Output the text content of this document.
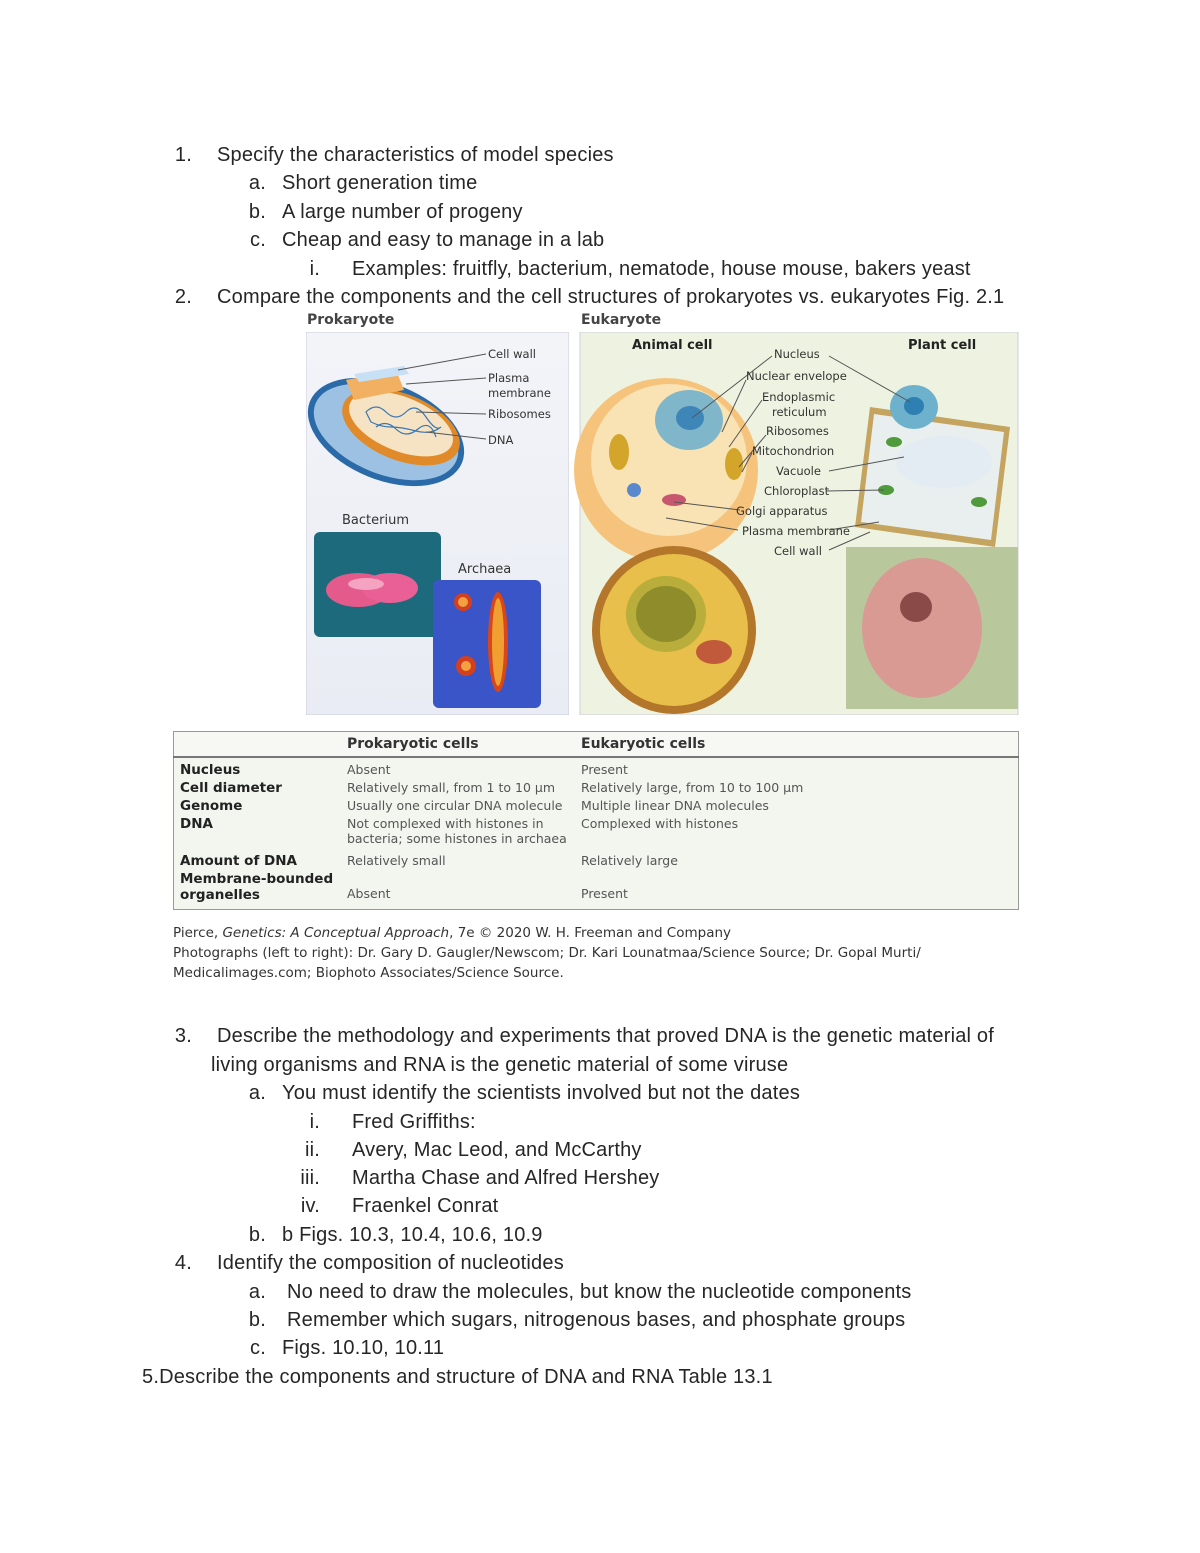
1. Specify the characteristics of model species
a. Short generation time
b. A large number of progeny
c. Cheap and easy to manage in a lab
i. Examples: fruitfly, bacterium, nematode, house mouse, bakers yeast
2. Compare the components and the cell structures of prokaryotes vs. eukaryotes Fig. 2.1
Prokaryote	Eukaryote
Cell wall
Plasma
membrane
Ribosomes
DNA
Bacterium
Archaea
Animal cell	Plant cell
Nucleus
Nuclear envelope
Endoplasmic
reticulum
Ribosomes
Mitochondrion
Vacuole
Chloroplast
Golgi apparatus
Plasma membrane
Cell wall
	Prokaryotic cells	Eukaryotic cells
Nucleus	Absent	Present
Cell diameter	Relatively small, from 1 to 10 µm	Relatively large, from 10 to 100 µm
Genome	Usually one circular DNA molecule	Multiple linear DNA molecules
DNA	Not complexed with histones in
bacteria; some histones in archaea	Complexed with histones
Amount of DNA	Relatively small	Relatively large

Membrane-bounded
organelles	Absent	Present
Pierce, Genetics: A Conceptual Approach, 7e © 2020 W. H. Freeman and Company
Photographs (left to right): Dr. Gary D. Gaugler/Newscom; Dr. Kari Lounatmaa/Science Source; Dr. Gopal Murti/
Medicalimages.com; Biophoto Associates/Science Source.
3. Describe the methodology and experiments that proved DNA is the genetic material of
living organisms and RNA is the genetic material of some viruse
a. You must identify the scientists involved but not the dates
i. Fred Griffiths:
ii. Avery, Mac Leod, and McCarthy
iii. Martha Chase and Alfred Hershey
iv. Fraenkel Conrat
b. b Figs. 10.3, 10.4, 10.6, 10.9
4. Identify the composition of nucleotides
a. No need to draw the molecules, but know the nucleotide components
b. Remember which sugars, nitrogenous bases, and phosphate groups
c. Figs. 10.10, 10.11
5.Describe the components and structure of DNA and RNA Table 13.1
